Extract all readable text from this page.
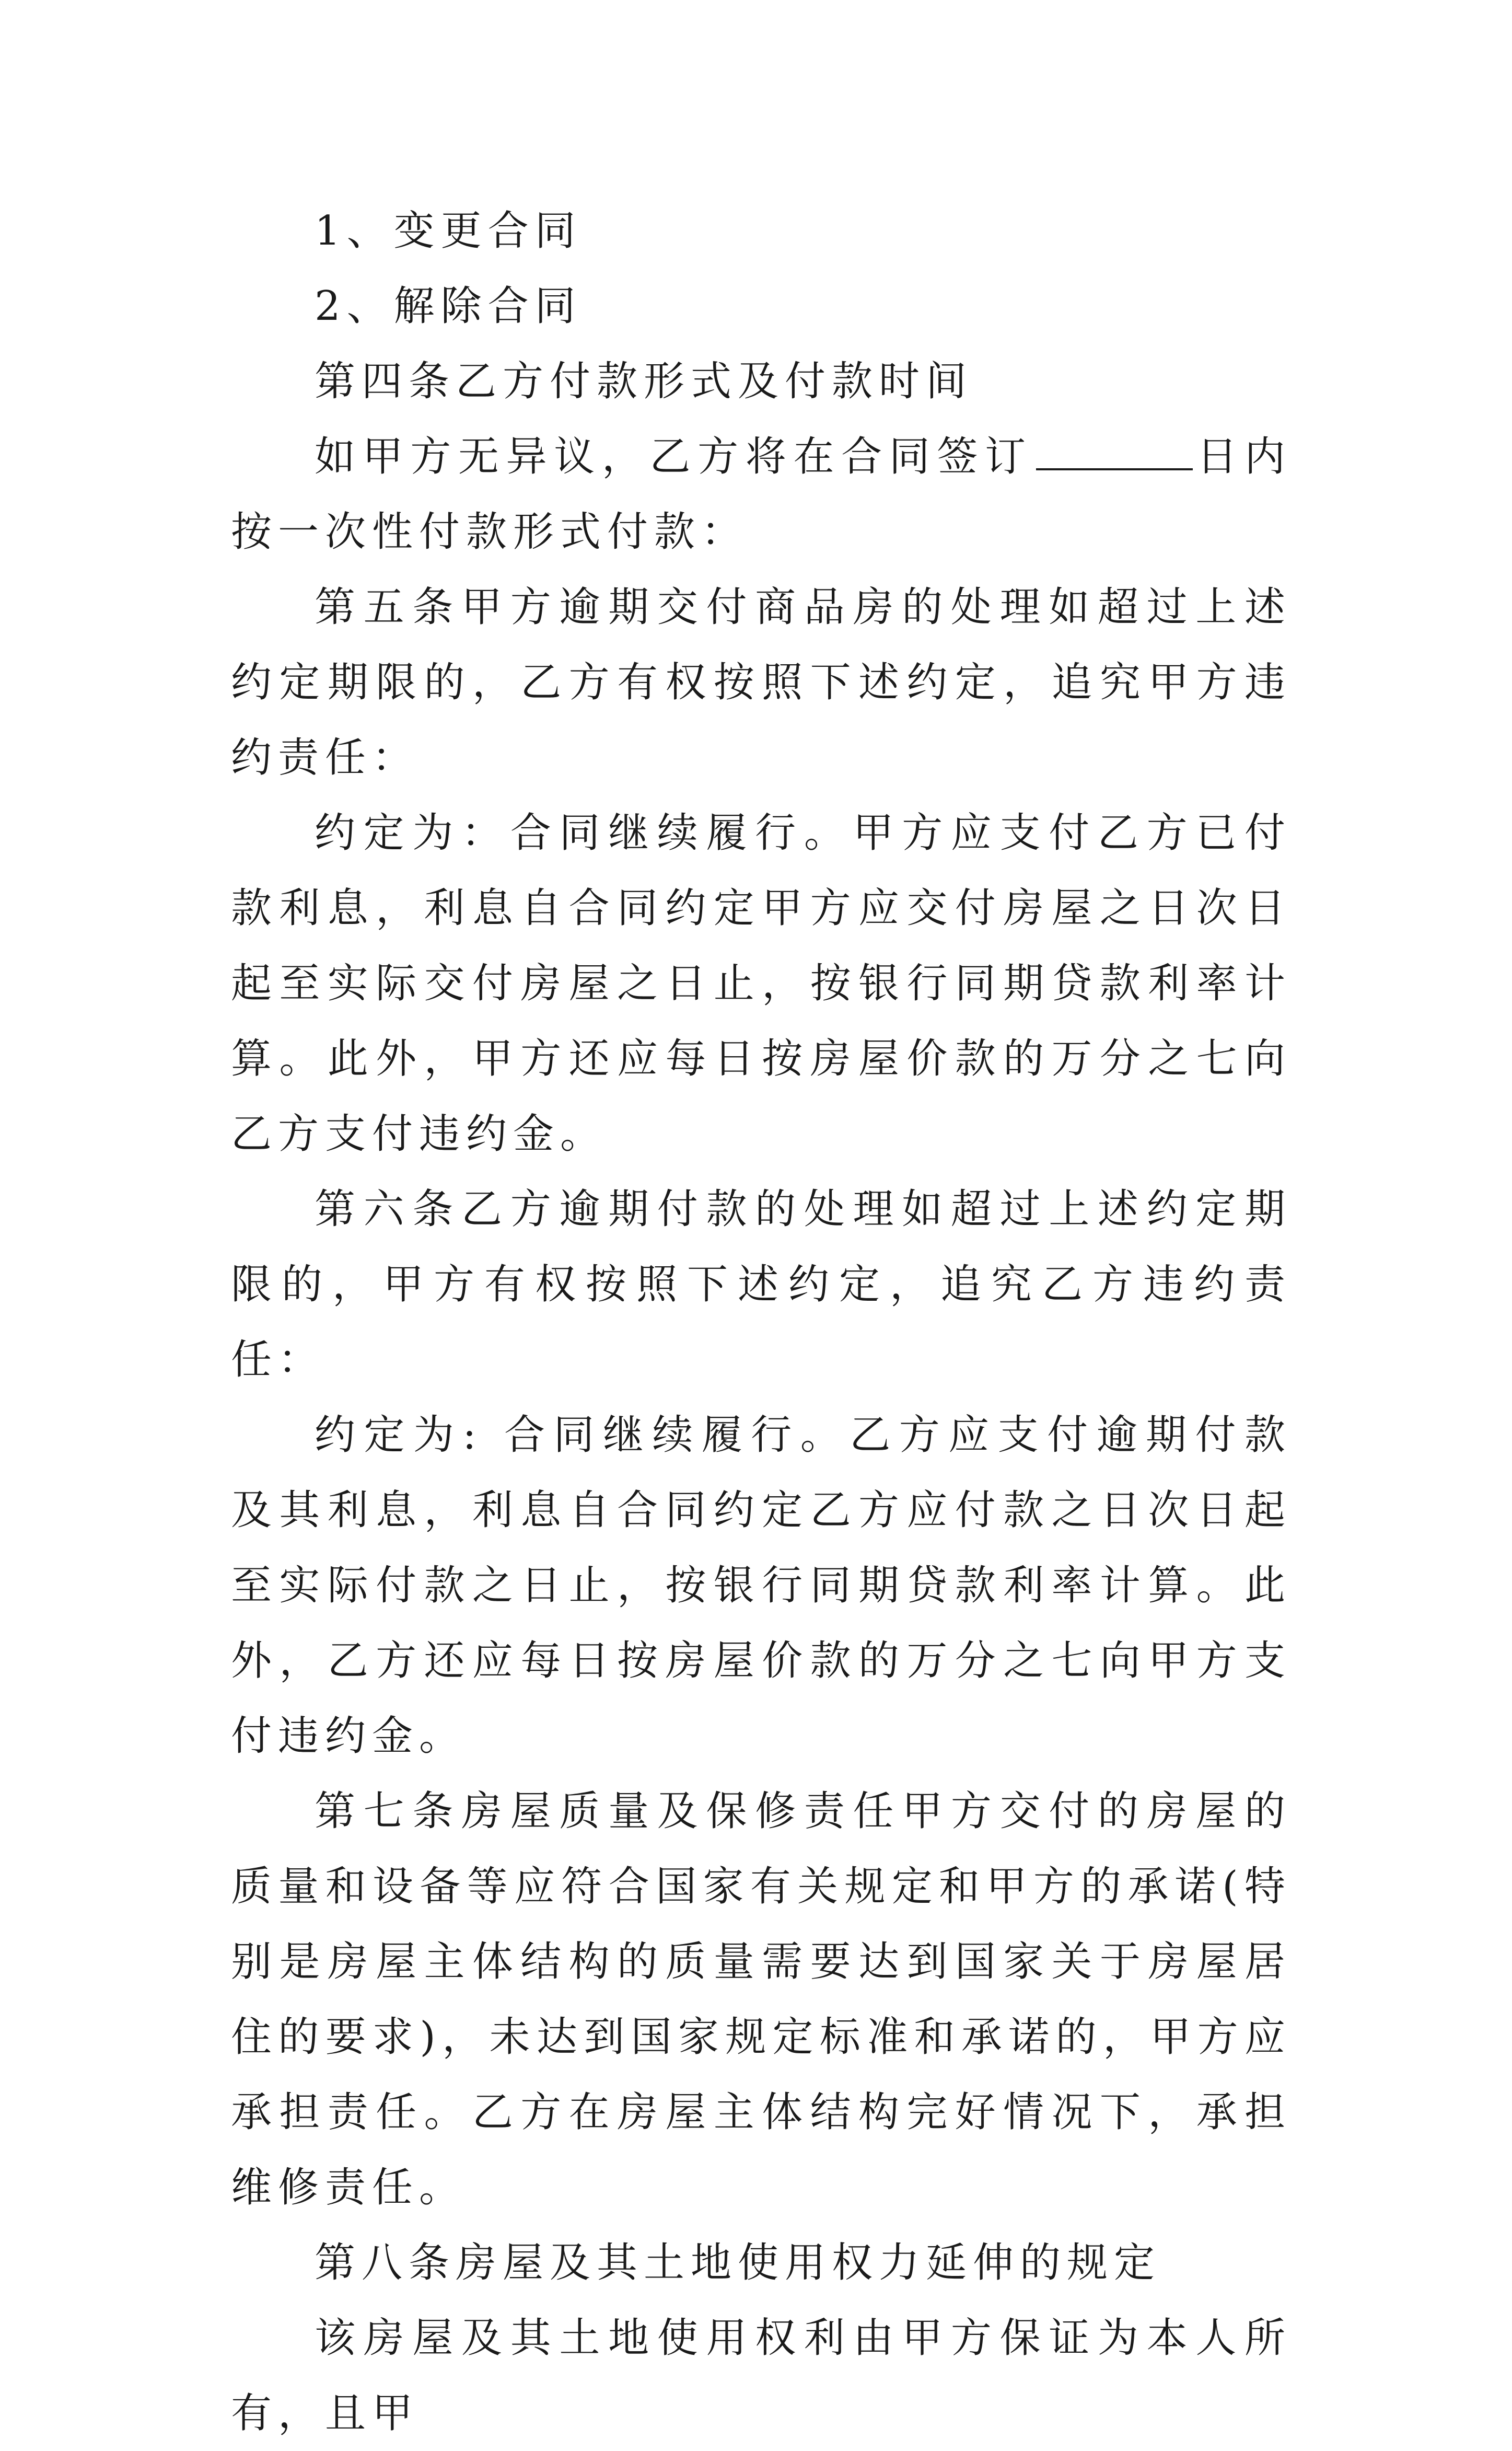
1、变更合同

2、解除合同

第四条乙方付款形式及付款时间

如甲方无异议，乙方将在合同签订	日内按一次性付款形式付款：

第五条甲方逾期交付商品房的处理如超过上述约定期限的，乙方有权按照下述约定，追究甲方违约责任：

约定为：合同继续履行。甲方应支付乙方已付款利息，利息自合同约定甲方应交付房屋之日次日起至实际交付房屋之日止，按银行同期贷款利率计算。此外，甲方还应每日按房屋价款的万分之七向乙方支付违约金。

第六条乙方逾期付款的处理如超过上述约定期限的，甲方有权按照下述约定，追究乙方违约责任：

约定为: 合同继续履行。乙方应支付逾期付款及其利息，利息自合同约定乙方应付款之日次日起至实际付款之日止，按银行同期贷款利率计算。此外，乙方还应每日按房屋价款的万分之七向甲方支付违约金。

第七条房屋质量及保修责任甲方交付的房屋的质量和设备等应符合国家有关规定和甲方的承诺(特别是房屋主体结构的质量需要达到国家关于房屋居住的要求)，未达到国家规定标准和承诺的，甲方应承担责任。乙方在房屋主体结构完好情况下，承担维修责任。

第八条房屋及其土地使用权力延伸的规定

该房屋及其土地使用权利由甲方保证为本人所有，且甲
